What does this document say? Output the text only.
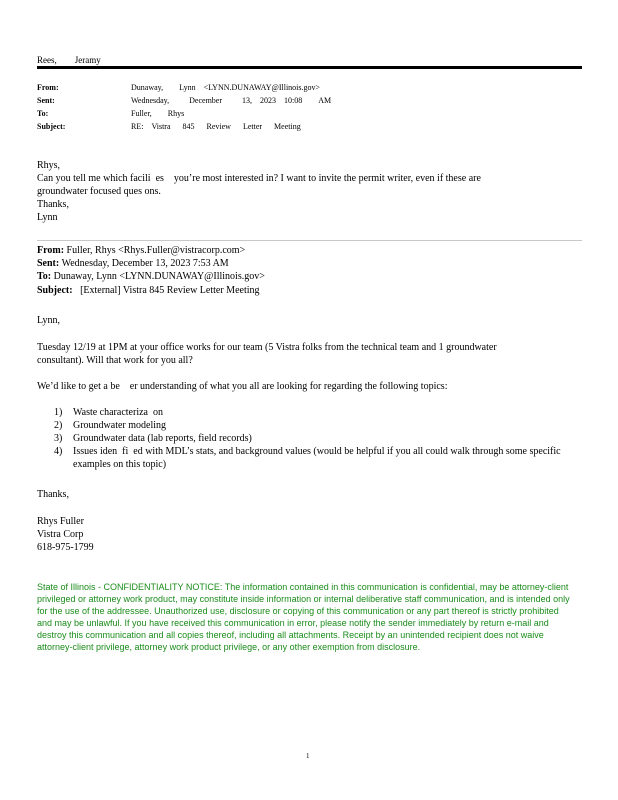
Rees,    Jeramy
From:	Dunaway,    Lynn  <LYNN.DUNAWAY@Illinois.gov>
Sent:	Wednesday,     December     13,  2023  10:08    AM
To:	Fuller,    Rhys
Subject:	RE:  Vistra   845   Review   Letter   Meeting
Rhys,
Can you tell me which facili es  you’re most interested in? I want to invite the permit writer, even if these are
groundwater focused ques ons.
Thanks,
Lynn
From: Fuller, Rhys <Rhys.Fuller@vistracorp.com>
Sent: Wednesday, December 13, 2023 7:53 AM
To: Dunaway, Lynn <LYNN.DUNAWAY@Illinois.gov>
Subject: [External] Vistra 845 Review Letter Meeting
Lynn,
Tuesday 12/19 at 1PM at your office works for our team (5 Vistra folks from the technical team and 1 groundwater
consultant). Will that work for you all?
We’d like to get a be  er understanding of what you all are looking for regarding the following topics:
1)	Waste characteriza on
2)	Groundwater modeling
3)	Groundwater data (lab reports, field records)
4)	Issues iden fi ed with MDL’s stats, and background values (would be helpful if you all could walk through some specific examples on this topic)
Thanks,
Rhys Fuller
Vistra Corp
618-975-1799
State of Illinois - CONFIDENTIALITY NOTICE: The information contained in this communication is confidential, may be attorney-client privileged or attorney work product, may constitute inside information or internal deliberative staff communication, and is intended only for the use of the addressee. Unauthorized use, disclosure or copying of this communication or any part thereof is strictly prohibited and may be unlawful. If you have received this communication in error, please notify the sender immediately by return e-mail and destroy this communication and all copies thereof, including all attachments. Receipt by an unintended recipient does not waive attorney-client privilege, attorney work product privilege, or any other exemption from disclosure.
1
